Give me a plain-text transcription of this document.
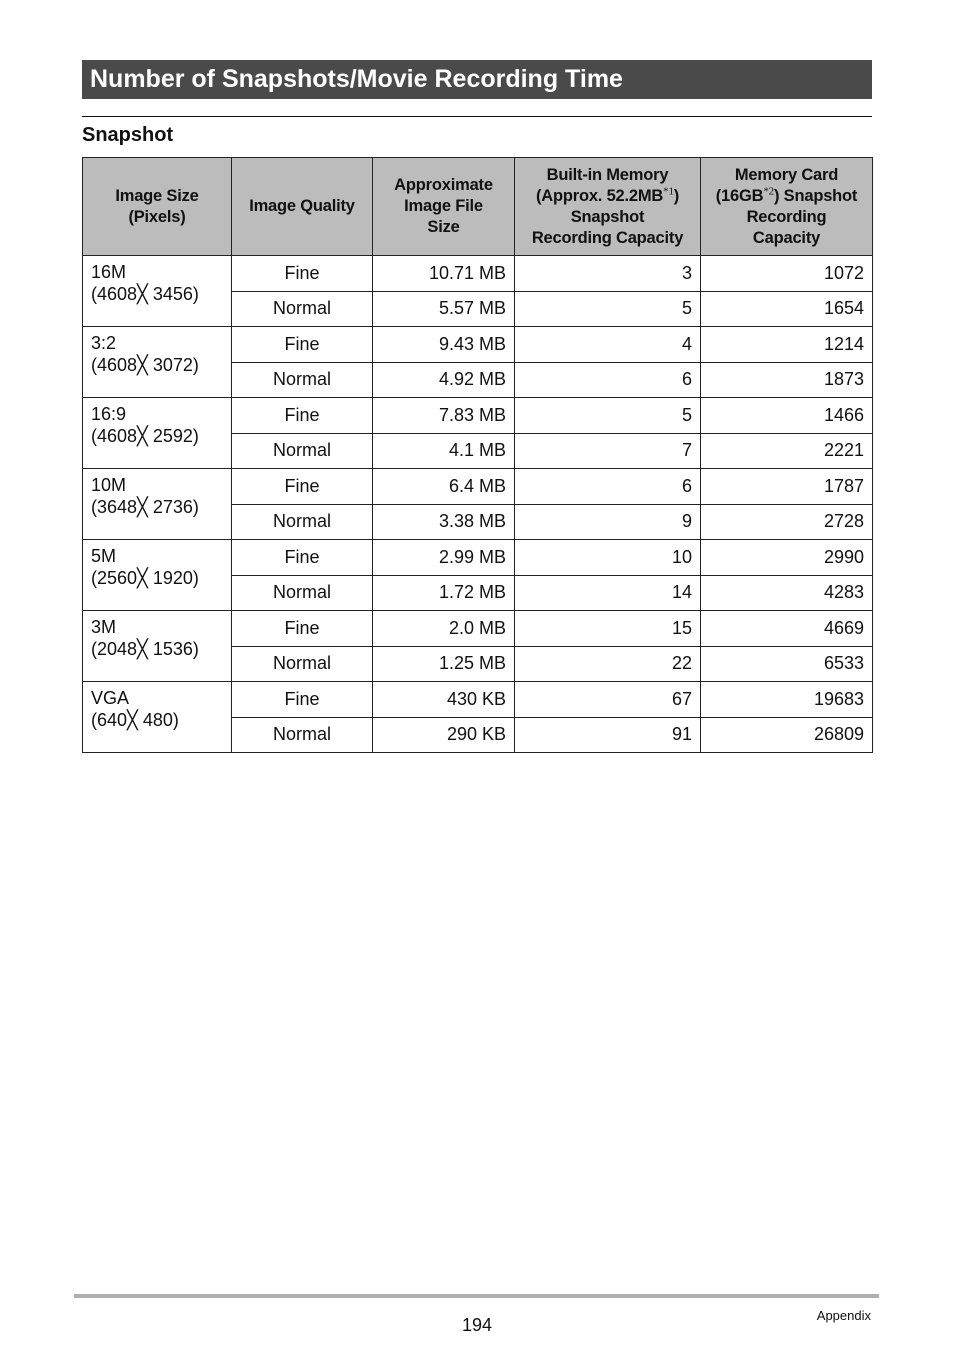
Number of Snapshots/Movie Recording Time
Snapshot
Image Size
(Pixels)	Image Quality	Approximate
Image File
Size	Built-in Memory
(Approx. 52.2MB$^{*1}$)
Snapshot
Recording Capacity	Memory Card
(16GB$^{*2}$) Snapshot
Recording
Capacity
16M
(4608╳ 3456)	Fine	10.71 MB	3	1072
	Normal	5.57 MB	5	1654
3:2
(4608╳ 3072)	Fine	9.43 MB	4	1214
	Normal	4.92 MB	6	1873
16:9
(4608╳ 2592)	Fine	7.83 MB	5	1466
	Normal	4.1 MB	7	2221
10M
(3648╳ 2736)	Fine	6.4 MB	6	1787
	Normal	3.38 MB	9	2728
5M
(2560╳ 1920)	Fine	2.99 MB	10	2990
	Normal	1.72 MB	14	4283
3M
(2048╳ 1536)	Fine	2.0 MB	15	4669
	Normal	1.25 MB	22	6533
VGA
(640╳ 480)	Fine	430 KB	67	19683
	Normal	290 KB	91	26809
194	Appendix
